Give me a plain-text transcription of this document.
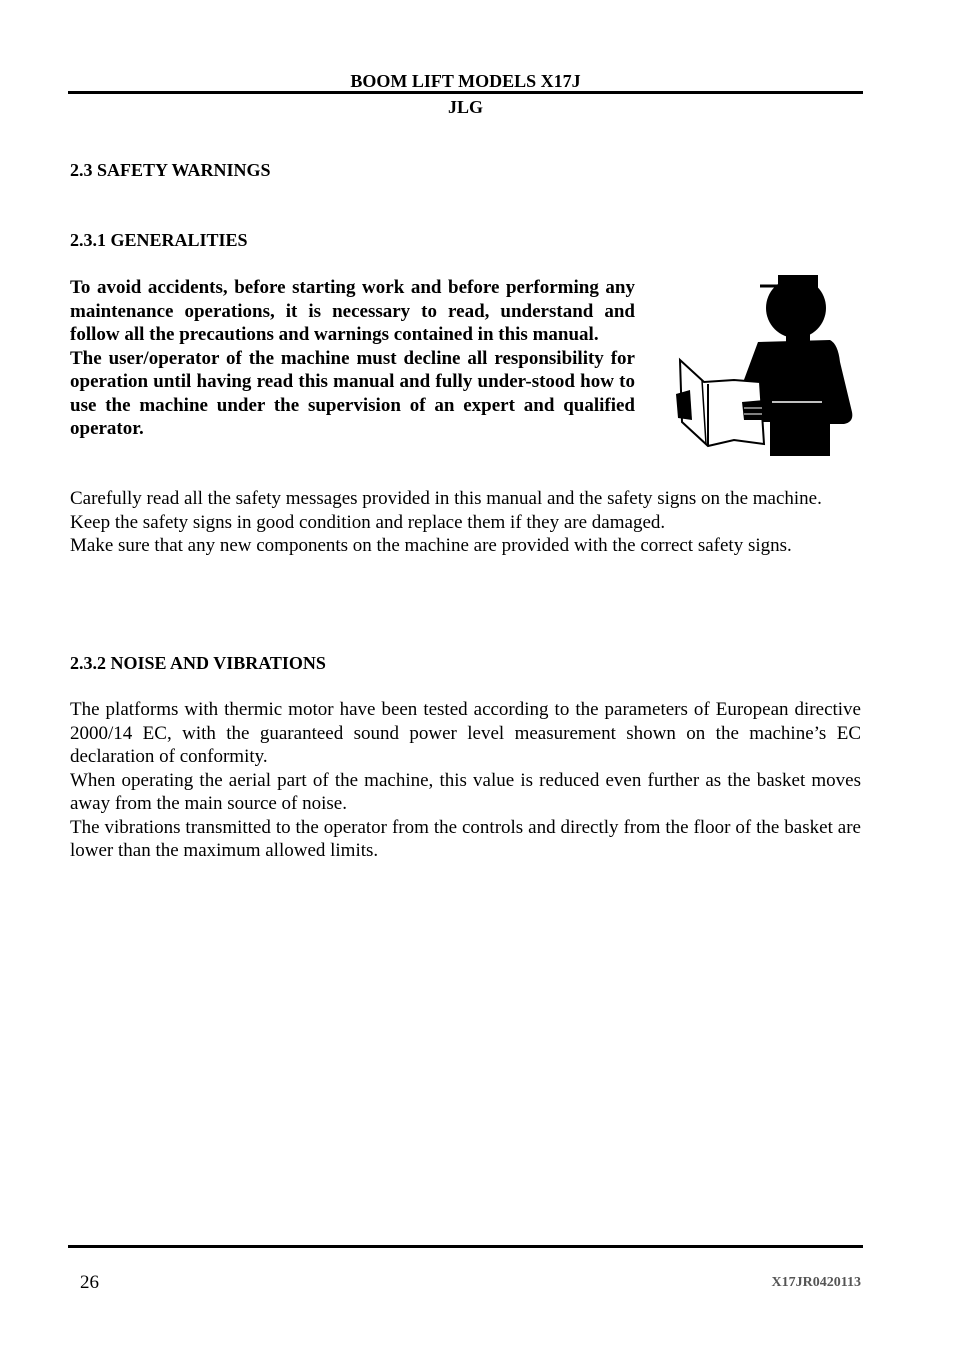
BOOM LIFT MODELS X17J
JLG
2.3 SAFETY WARNINGS
2.3.1 GENERALITIES

To avoid accidents, before starting work and before performing any maintenance operations, it is necessary to read, understand and follow all the precautions and warnings contained in this manual.

The user/operator of the machine must decline all responsibility for operation until having read this manual and fully under-stood how to use the machine under the supervision of an expert and qualified operator.

Carefully read all the safety messages provided in this manual and the safety signs on the machine.

Keep the safety signs in good condition and replace them if they are damaged.

Make sure that any new components on the machine are provided with the correct safety signs.

2.3.2 NOISE AND VIBRATIONS

The platforms with thermic motor have been tested according to the parameters of European directive 2000/14 EC, with the guaranteed sound power level measurement shown on the machine’s EC declaration of conformity.

When operating the aerial part of the machine, this value is reduced even further as the basket moves away from the main source of noise.

The vibrations transmitted to the operator from the controls and directly from the floor of the basket are lower than the maximum allowed limits.

26	X17JR0420113
